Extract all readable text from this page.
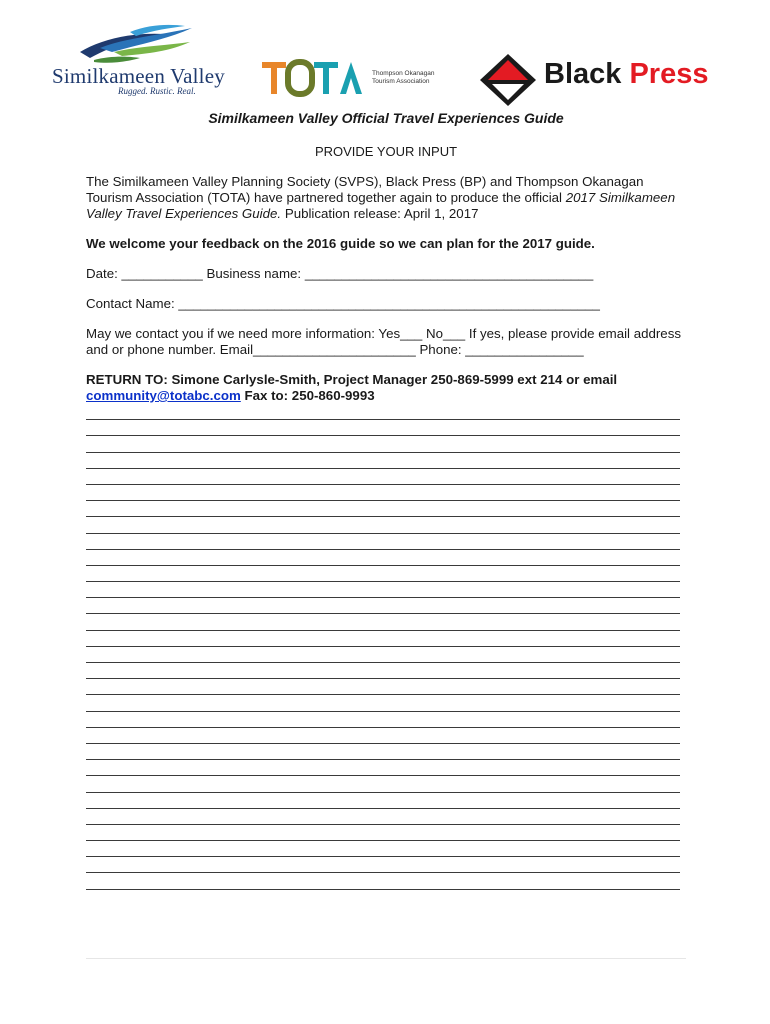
Similkameen Valley
Rugged. Rustic. Real.
Thompson Okanagan
Tourism Association	Black Press

Similkameen Valley Official Travel Experiences Guide

PROVIDE YOUR INPUT
The Similkameen Valley Planning Society (SVPS), Black Press (BP) and Thompson Okanagan Tourism Association (TOTA) have partnered together again to produce the official 2017 Similkameen Valley Travel Experiences Guide. Publication release: April 1, 2017
We welcome your feedback on the 2016 guide so we can plan for the 2017 guide.
Date: ___________ Business name: _______________________________________
Contact Name: _________________________________________________________
May we contact you if we need more information: Yes___ No___ If yes, please provide email address and or phone number. Email______________________ Phone: ________________
RETURN TO: Simone Carlysle-Smith, Project Manager 250-869-5999 ext 214 or email
community@totabc.com Fax to: 250-860-9993
